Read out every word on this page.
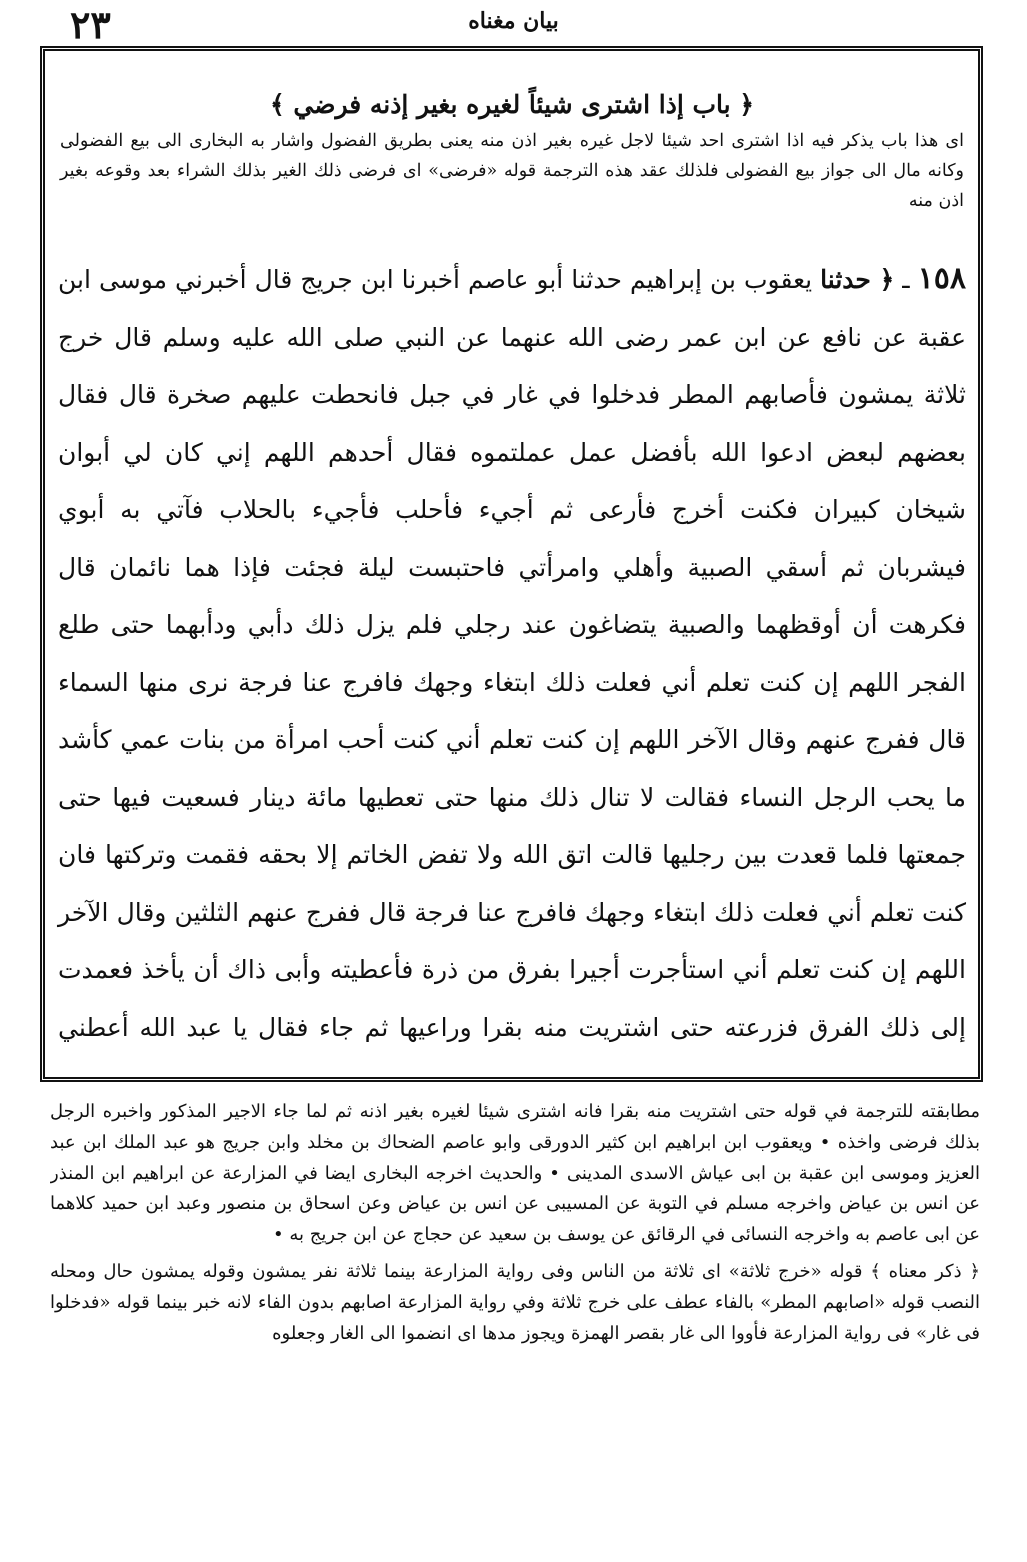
٢٣	بیان مغناه
﴿ باب إذا اشترى شيئاً لغيره بغير إذنه فرضي ﴾
اى هذا باب يذكر فيه اذا اشترى احد شيئا لاجل غيره بغير اذن منه يعنى بطريق الفضول واشار به البخارى الى بيع الفضولى وكانه مال الى جواز بيع الفضولى فلذلك عقد هذه الترجمة قوله «فرضى» اى فرضى ذلك الغير بذلك الشراء بعد وقوعه بغير اذن منه
١٥٨ ـ ﴿ حدثنا يعقوب بن إبراهيم حدثنا أبو عاصم أخبرنا ابن جريج قال أخبرني موسى ابن عقبة عن نافع عن ابن عمر رضى الله عنهما عن النبي صلى الله عليه وسلم قال خرج ثلاثة يمشون فأصابهم المطر فدخلوا في غار في جبل فانحطت عليهم صخرة قال فقال بعضهم لبعض ادعوا الله بأفضل عمل عملتموه فقال أحدهم اللهم إني كان لي أبوان شيخان كبيران فكنت أخرج فأرعى ثم أجيء فأحلب فأجيء بالحلاب فآتي به أبوي فيشربان ثم أسقي الصبية وأهلي وامرأتي فاحتبست ليلة فجئت فإذا هما نائمان قال فكرهت أن أوقظهما والصبية يتضاغون عند رجلي فلم يزل ذلك دأبي ودأبهما حتى طلع الفجر اللهم إن كنت تعلم أني فعلت ذلك ابتغاء وجهك فافرج عنا فرجة نرى منها السماء قال ففرج عنهم وقال الآخر اللهم إن كنت تعلم أني كنت أحب امرأة من بنات عمي كأشد ما يحب الرجل النساء فقالت لا تنال ذلك منها حتى تعطيها مائة دينار فسعيت فيها حتى جمعتها فلما قعدت بين رجليها قالت اتق الله ولا تفض الخاتم إلا بحقه فقمت وتركتها فان كنت تعلم أني فعلت ذلك ابتغاء وجهك فافرج عنا فرجة قال ففرج عنهم الثلثين وقال الآخر اللهم إن كنت تعلم أني استأجرت أجيرا بفرق من ذرة فأعطيته وأبى ذاك أن يأخذ فعمدت إلى ذلك الفرق فزرعته حتى اشتريت منه بقرا وراعيها ثم جاء فقال يا عبد الله أعطني

مطابقته للترجمة في قوله حتى اشتريت منه بقرا فانه اشترى شيئا لغيره بغير اذنه ثم لما جاء الاجير المذكور واخبره الرجل بذلك فرضى واخذه • ويعقوب ابن ابراهيم ابن كثير الدورقى وابو عاصم الضحاك بن مخلد وابن جريج هو عبد الملك ابن عبد العزيز وموسى ابن عقبة بن ابى عياش الاسدى المدينى • والحديث اخرجه البخارى ايضا في المزارعة عن ابراهيم ابن المنذر عن انس بن عياض واخرجه مسلم في التوبة عن المسيبى عن انس بن عياض وعن اسحاق بن منصور وعبد ابن حميد كلاهما عن ابى عاصم به واخرجه النسائى في الرقائق عن يوسف بن سعيد عن حجاج عن ابن جريج به •

﴿ ذكر معناه ﴾ قوله «خرج ثلاثة» اى ثلاثة من الناس وفى رواية المزارعة بينما ثلاثة نفر يمشون وقوله يمشون حال ومحله النصب قوله «اصابهم المطر» بالفاء عطف على خرج ثلاثة وفي رواية المزارعة اصابهم بدون الفاء لانه خبر بينما قوله «فدخلوا فى غار» فى رواية المزارعة فأووا الى غار بقصر الهمزة ويجوز مدها اى انضموا الى الغار وجعلوه
